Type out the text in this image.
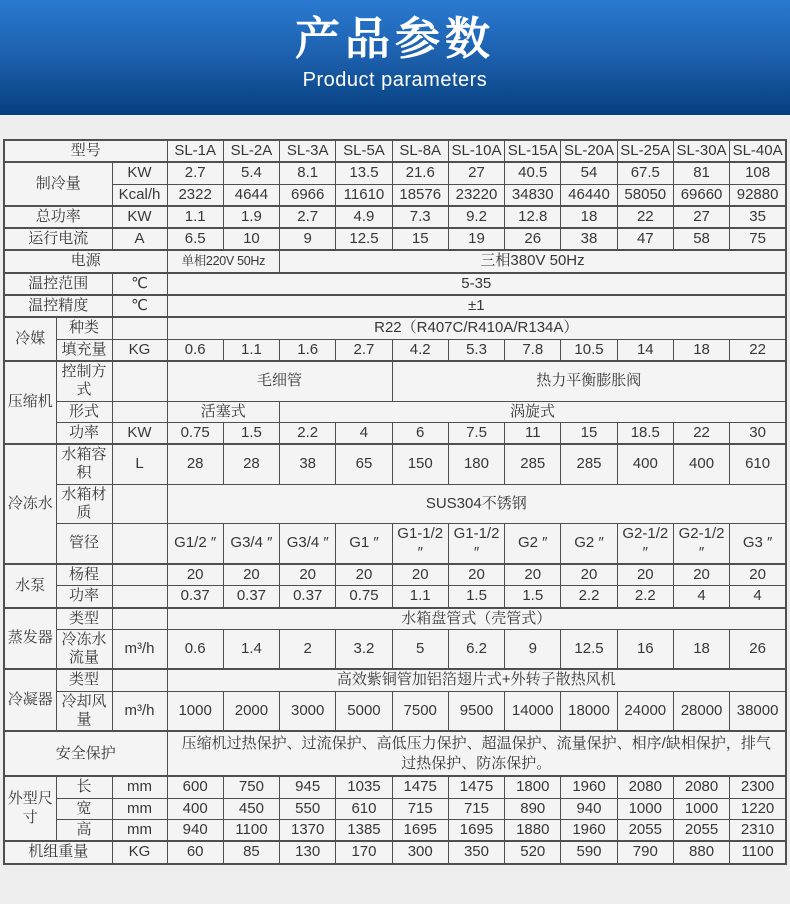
产品参数
Product parameters
型号			SL-1A	SL-2A	SL-3A	SL-5A	SL-8A	SL-10A	SL-15A	SL-20A	SL-25A	SL-30A	SL-40A
制冷量		KW	2.7	5.4	8.1	13.5	21.6	27	40.5	54	67.5	81	108
		Kcal/h	2322	4644	6966	11610	18576	23220	34830	46440	58050	69660	92880
总功率		KW	1.1	1.9	2.7	4.9	7.3	9.2	12.8	18	22	27	35
运行电流		A	6.5	10	9	12.5	15	19	26	38	47	58	75
电源			单相220V 50Hz		三相380V 50Hz								
温控范围		℃	5-35										
温控精度		℃	±1										
冷媒	种类		R22（R407C/R410A/R134A）										
	填充量	KG	0.6	1.1	1.6	2.7	4.2	5.3	7.8	10.5	14	18	22
压缩机	控制方式		毛细管				热力平衡膨胀阀						
	形式		活塞式		涡旋式								
	功率	KW	0.75	1.5	2.2	4	6	7.5	11	15	18.5	22	30
冷冻水	水箱容积	L	28	28	38	65	150	180	285	285	400	400	610
	水箱材质		SUS304不锈钢										
	管径		G1/2 ″	G3/4 ″	G3/4 ″	G1 ″	G1-1/2 ″	G1-1/2 ″	G2 ″	G2 ″	G2-1/2 ″	G2-1/2 ″	G3 ″
水泵	杨程		20	20	20	20	20	20	20	20	20	20	20
	功率		0.37	0.37	0.37	0.75	1.1	1.5	1.5	2.2	2.2	4	4
蒸发器	类型		水箱盘管式（壳管式）										
	冷冻水流量	m³/h	0.6	1.4	2	3.2	5	6.2	9	12.5	16	18	26
冷凝器	类型		高效紫铜管加铝箔翅片式+外转子散热风机										
	冷却风量	m³/h	1000	2000	3000	5000	7500	9500	14000	18000	24000	28000	38000
安全保护			压缩机过热保护、过流保护、高低压力保护、超温保护、流量保护、相序/缺相保护，排气过热保护、防冻保护。										
外型尺寸	长	mm	600	750	945	1035	1475	1475	1800	1960	2080	2080	2300
	宽	mm	400	450	550	610	715	715	890	940	1000	1000	1220
	高	mm	940	1100	1370	1385	1695	1695	1880	1960	2055	2055	2310
机组重量		KG	60	85	130	170	300	350	520	590	790	880	1100
